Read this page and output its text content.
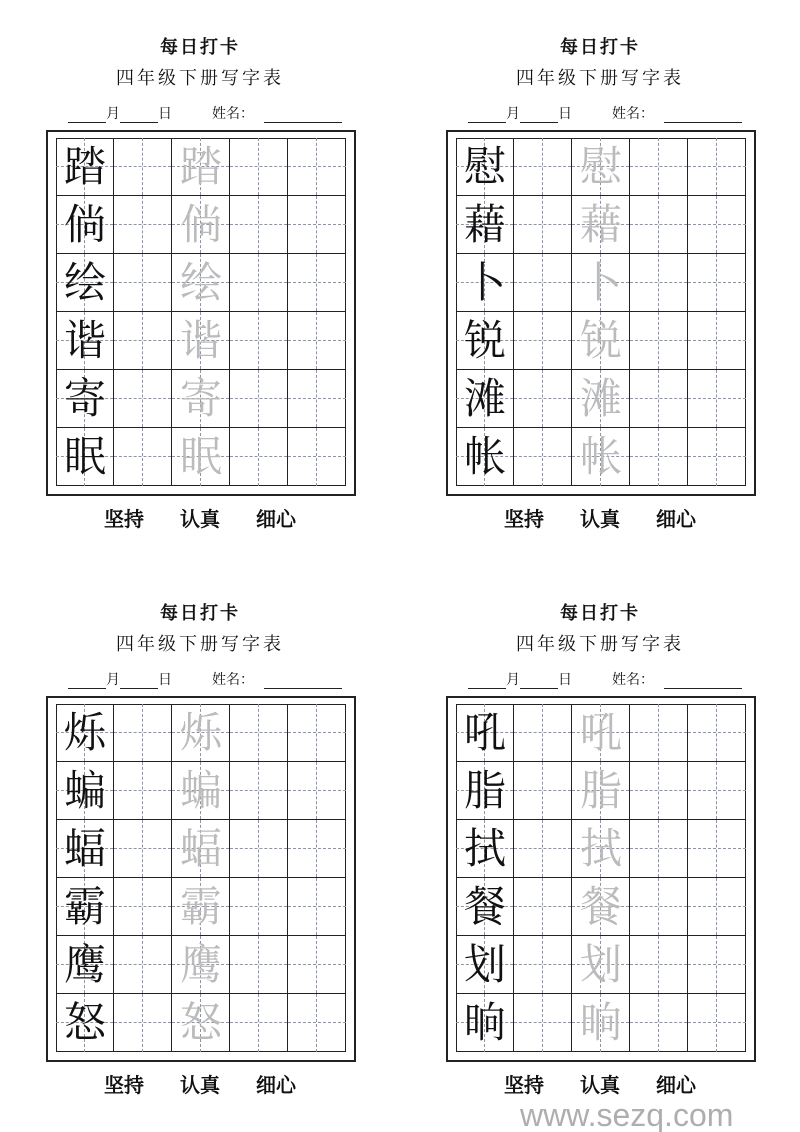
每日打卡
四年级下册写字表
月	日	姓名：
吼 吼
脂 脂
拭 拭
餐 餐
划 划
晌 晌
坚持 认真 细心
每日打卡
四年级下册写字表
月	日	姓名：
烁 烁
蝙 蝙
蝠 蝠
霸 霸
鹰 鹰
怒 怒
坚持 认真 细心
每日打卡
四年级下册写字表
月	日	姓名：
慰 慰
藉 藉
卜 卜
锐 锐
滩 滩
帐 帐
坚持 认真 细心
每日打卡
四年级下册写字表
月	日	姓名：
踏 踏
倘 倘
绘 绘
谐 谐
寄 寄
眠 眠
坚持 认真 细心
www.sezq.com
